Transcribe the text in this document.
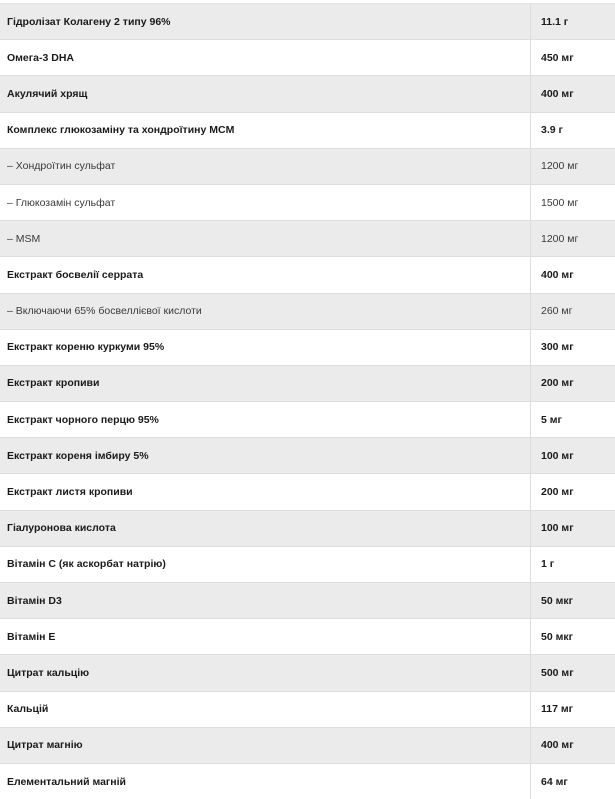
Гідролізат Колагену 2 типу 96%	11.1 г
Омега-3 DHA	450 мг
Акулячий хрящ	400 мг
Комплекс глюкозаміну та хондроїтину MCM	3.9 г
– Хондроїтин сульфат	1200 мг
– Глюкозамін сульфат	1500 мг
– MSM	1200 мг
Екстракт босвелії серрата	400 мг
– Включаючи 65% босвеллієвої кислоти	260 мг
Екстракт кореню куркуми 95%	300 мг
Екстракт кропиви	200 мг
Екстракт чорного перцю 95%	5 мг
Екстракт кореня імбиру 5%	100 мг
Екстракт листя кропиви	200 мг
Гіалуронова кислота	100 мг
Вітамін С (як аскорбат натрію)	1 г
Вітамін D3	50 мкг
Вітамін E	50 мкг
Цитрат кальцію	500 мг
Кальцій	117 мг
Цитрат магнію	400 мг
Елементальний магній	64 мг
